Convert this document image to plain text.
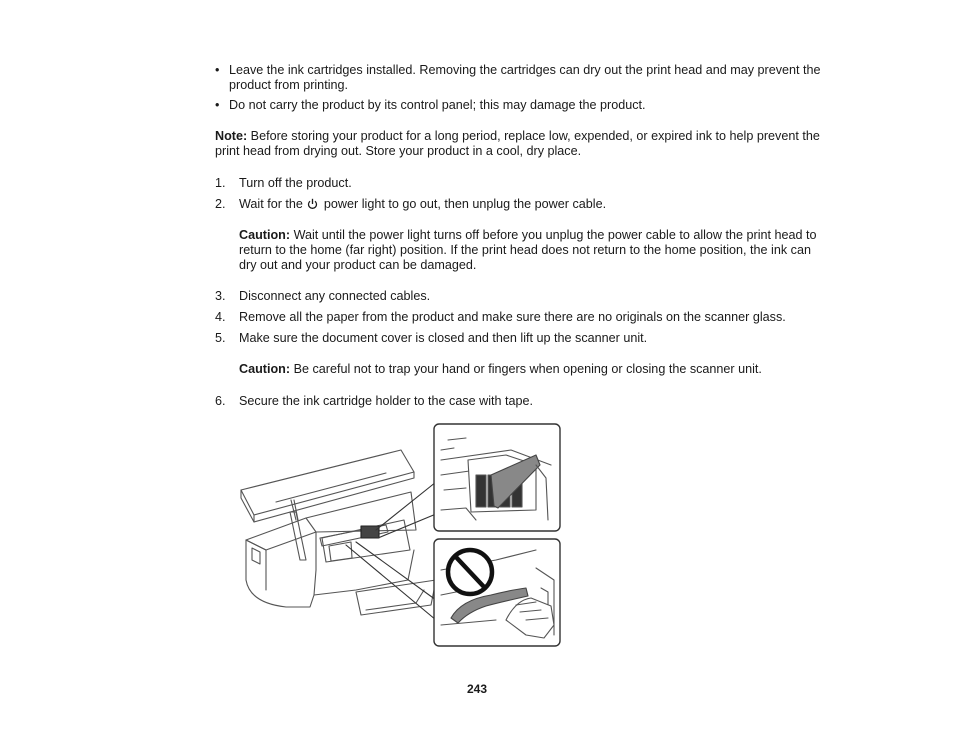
• Leave the ink cartridges installed. Removing the cartridges can dry out the print head and may prevent the product from printing.
• Do not carry the product by its control panel; this may damage the product.
Note: Before storing your product for a long period, replace low, expended, or expired ink to help prevent the print head from drying out. Store your product in a cool, dry place.
1. Turn off the product.
2. Wait for the power light to go out, then unplug the power cable.
Caution: Wait until the power light turns off before you unplug the power cable to allow the print head to return to the home (far right) position. If the print head does not return to the home position, the ink can dry out and your product can be damaged.
3. Disconnect any connected cables.
4. Remove all the paper from the product and make sure there are no originals on the scanner glass.
5. Make sure the document cover is closed and then lift up the scanner unit.
Caution: Be careful not to trap your hand or fingers when opening or closing the scanner unit.
6. Secure the ink cartridge holder to the case with tape.
243
